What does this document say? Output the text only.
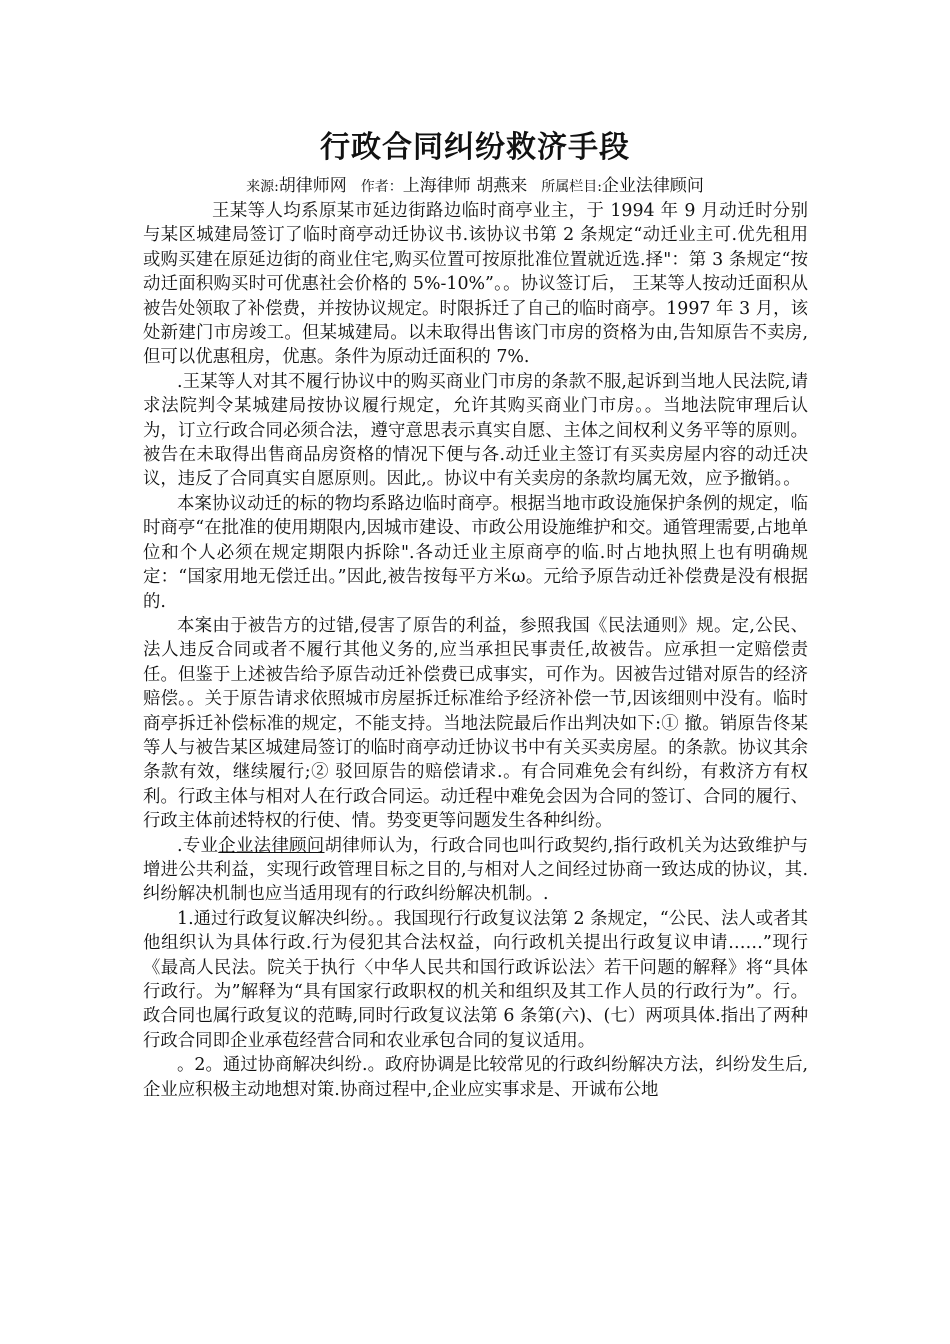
行政合同纠纷救济手段
来源:胡律师网 作者：上海律师 胡燕来 所属栏目:企业法律顾问

王某等人均系原某市延边街路边临时商亭业主，于 1994 年 9 月动迁时分别与某区城建局签订了临时商亭动迁协议书.该协议书第 2 条规定“动迁业主可.优先租用或购买建在原延边街的商业住宅,购买位置可按原批准位置就近选.择"：第 3 条规定“按动迁面积购买时可优惠社会价格的 5%-10%”。。协议签订后， 王某等人按动迁面积从被告处领取了补偿费，并按协议规定。时限拆迁了自己的临时商亭。1997 年 3 月，该处新建门市房竣工。但某城建局。以未取得出售该门市房的资格为由,告知原告不卖房,但可以优惠租房，优惠。条件为原动迁面积的 7%.

.王某等人对其不履行协议中的购买商业门市房的条款不服,起诉到当地人民法院,请求法院判令某城建局按协议履行规定，允许其购买商业门市房。。当地法院审理后认为，订立行政合同必须合法，遵守意思表示真实自愿、主体之间权利义务平等的原则。被告在未取得出售商品房资格的情况下便与各.动迁业主签订有买卖房屋内容的动迁决议，违反了合同真实自愿原则。因此,。协议中有关卖房的条款均属无效，应予撤销。。

本案协议动迁的标的物均系路边临时商亭。根据当地市政设施保护条例的规定，临时商亭“在批准的使用期限内,因城市建设、市政公用设施维护和交。通管理需要,占地单位和个人必须在规定期限内拆除".各动迁业主原商亭的临.时占地执照上也有明确规定：“国家用地无偿迁出。”因此,被告按每平方米ω。元给予原告动迁补偿费是没有根据的.

本案由于被告方的过错,侵害了原告的利益，参照我国《民法通则》规。定,公民、法人违反合同或者不履行其他义务的,应当承担民事责任,故被告。应承担一定赔偿责任。但鉴于上述被告给予原告动迁补偿费已成事实，可作为。因被告过错对原告的经济赔偿。。关于原告请求依照城市房屋拆迁标准给予经济补偿一节,因该细则中没有。临时商亭拆迁补偿标准的规定，不能支持。当地法院最后作出判决如下:① 撤。销原告佟某等人与被告某区城建局签订的临时商亭动迁协议书中有关买卖房屋。的条款。协议其余条款有效，继续履行;② 驳回原告的赔偿请求.。有合同难免会有纠纷，有救济方有权利。行政主体与相对人在行政合同运。动迁程中难免会因为合同的签订、合同的履行、行政主体前述特权的行使、情。势变更等问题发生各种纠纷。

.专业企业法律顾问胡律师认为，行政合同也叫行政契约,指行政机关为达致维护与增进公共利益，实现行政管理目标之目的,与相对人之间经过协商一致达成的协议，其.纠纷解决机制也应当适用现有的行政纠纷解决机制。.

1.通过行政复议解决纠纷。。我国现行行政复议法第 2 条规定，“公民、法人或者其他组织认为具体行政.行为侵犯其合法权益，向行政机关提出行政复议申请……”现行《最高人民法。院关于执行〈中华人民共和国行政诉讼法〉若干问题的解释》将“具体行政行。为”解释为“具有国家行政职权的机关和组织及其工作人员的行政行为”。行。政合同也属行政复议的范畴,同时行政复议法第 6 条第(六)、(七）两项具体.指出了两种行政合同即企业承苞经营合同和农业承包合同的复议适用。

。2。通过协商解决纠纷.。政府协调是比较常见的行政纠纷解决方法，纠纷发生后,企业应积极主动地想对策.协商过程中,企业应实事求是、开诚布公地
